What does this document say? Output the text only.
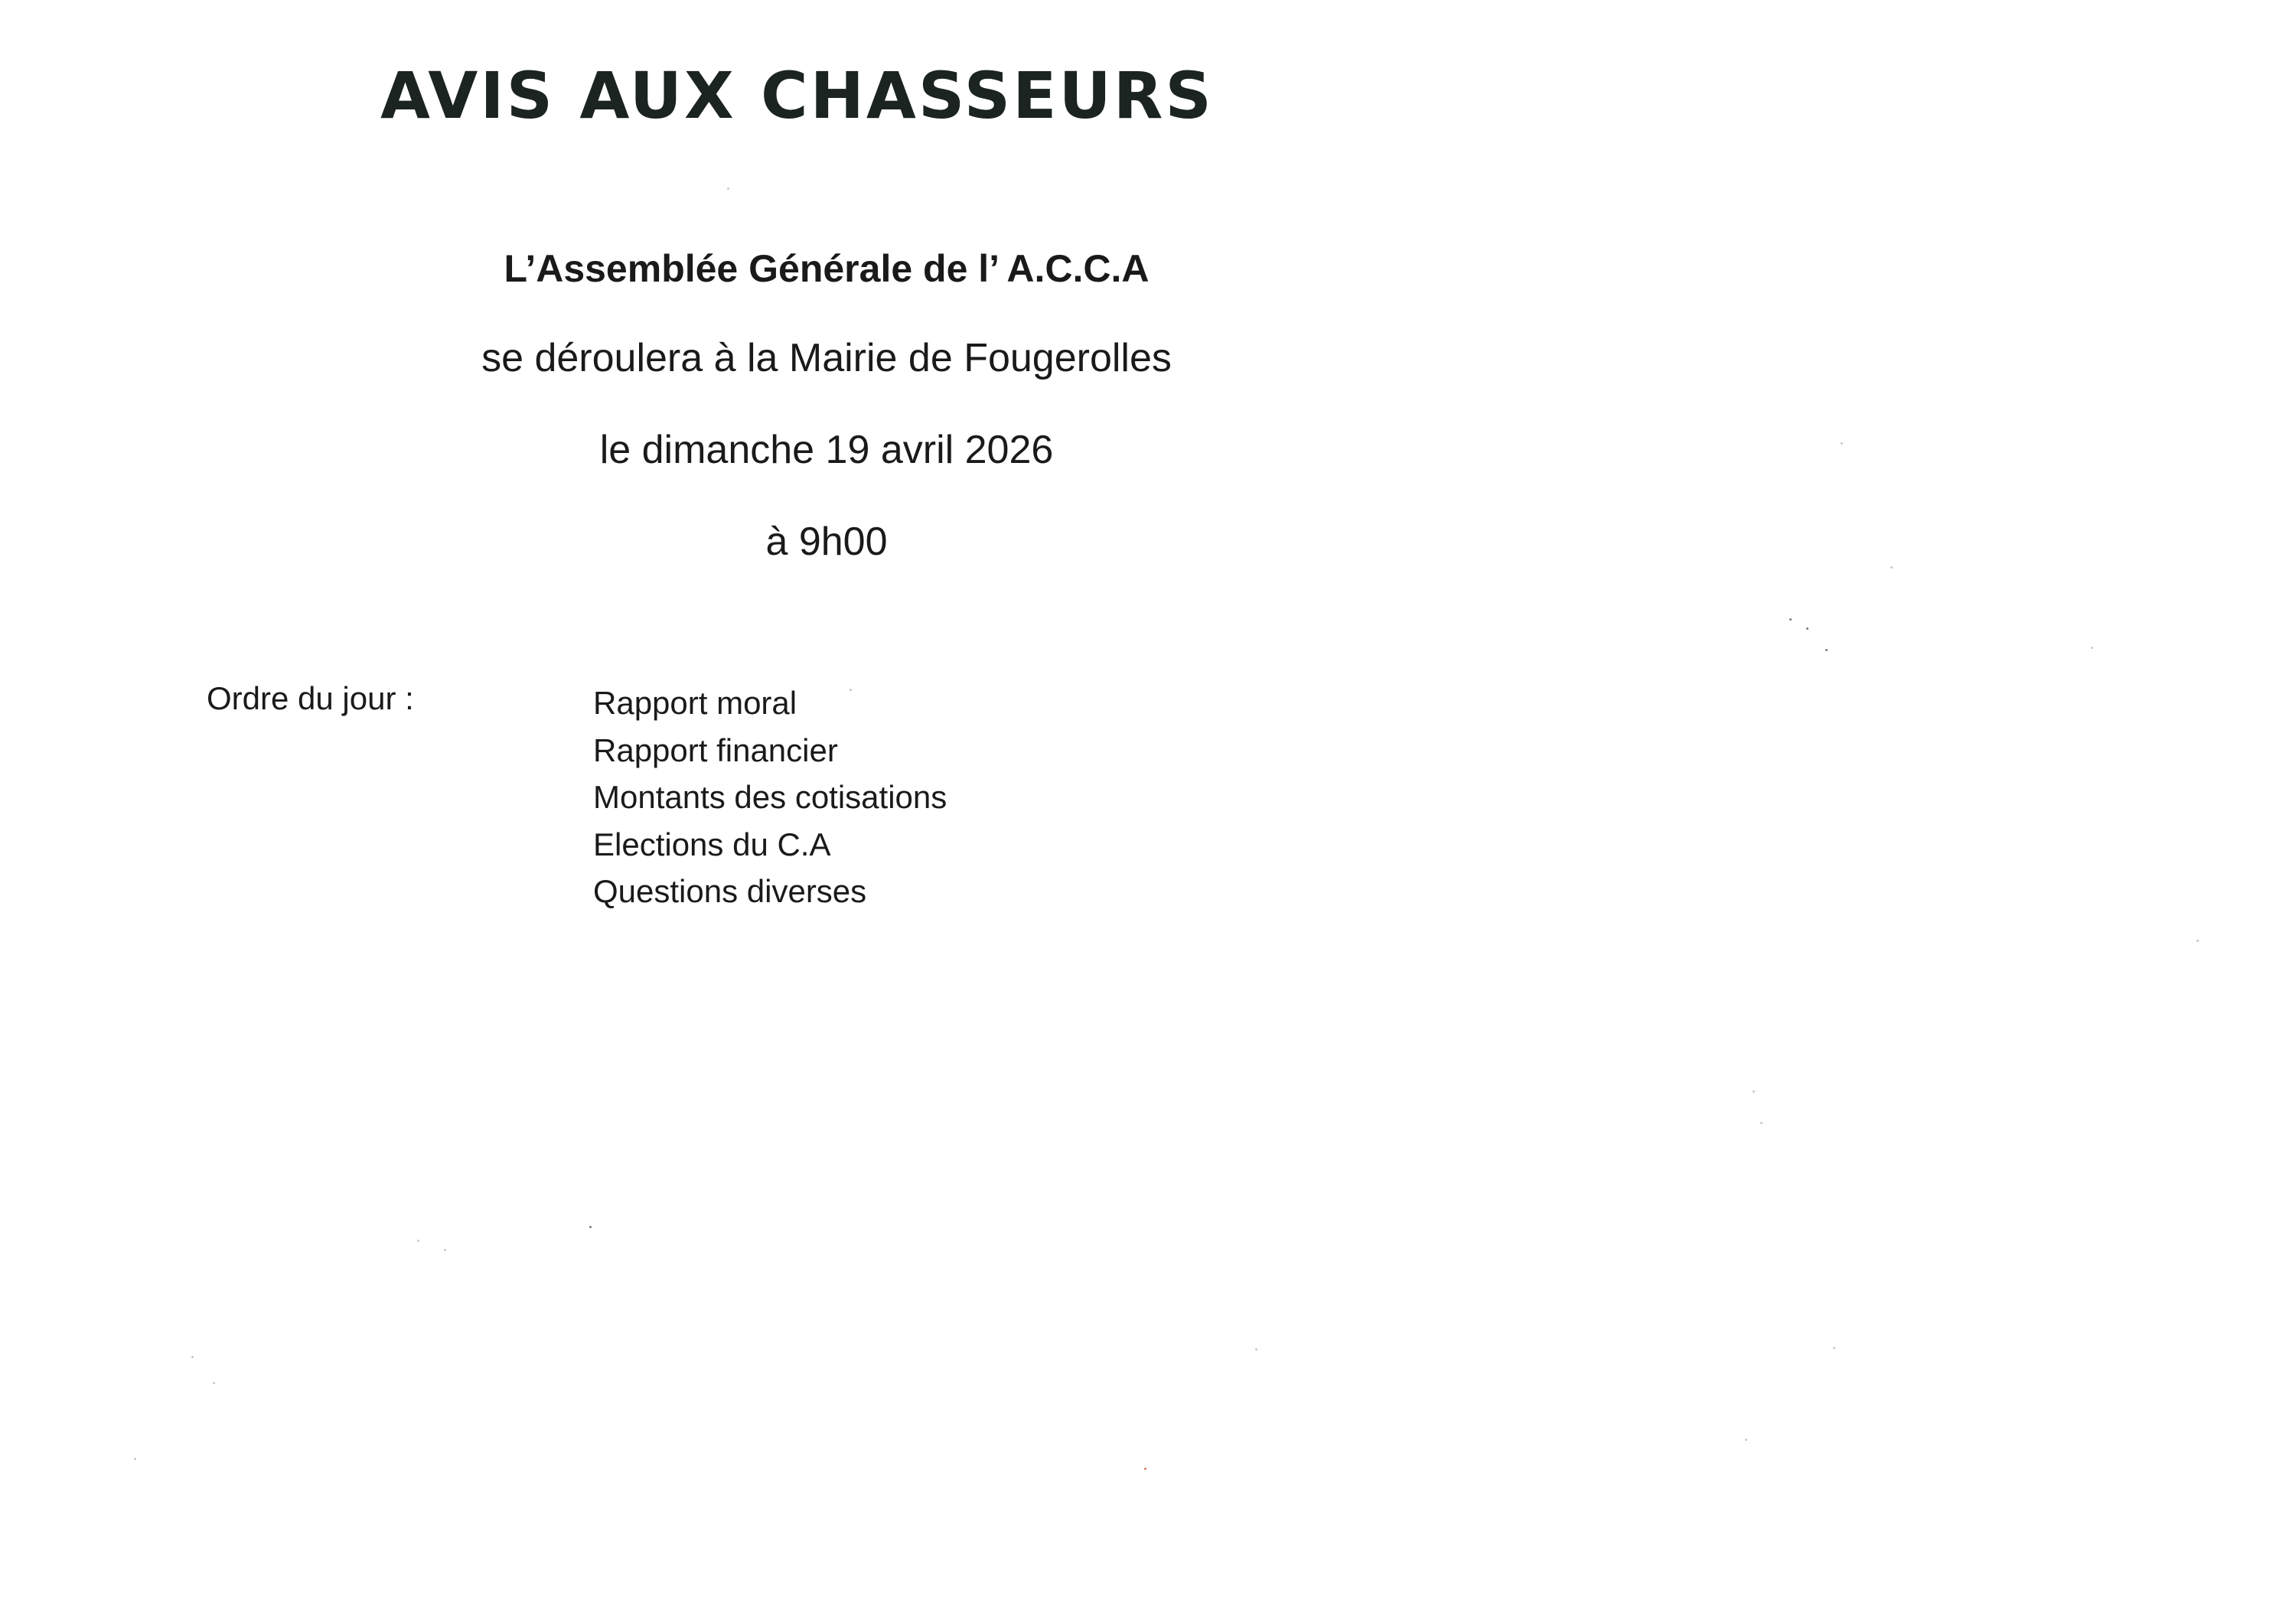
AVIS AUX CHASSEURS

L’Assemblée Générale de l’ A.C.C.A

se déroulera à la Mairie de Fougerolles

le dimanche 19 avril 2026

à 9h00

Ordre du jour :	Rapport moral
Rapport financier
Montants des cotisations
Elections du C.A
Questions diverses
